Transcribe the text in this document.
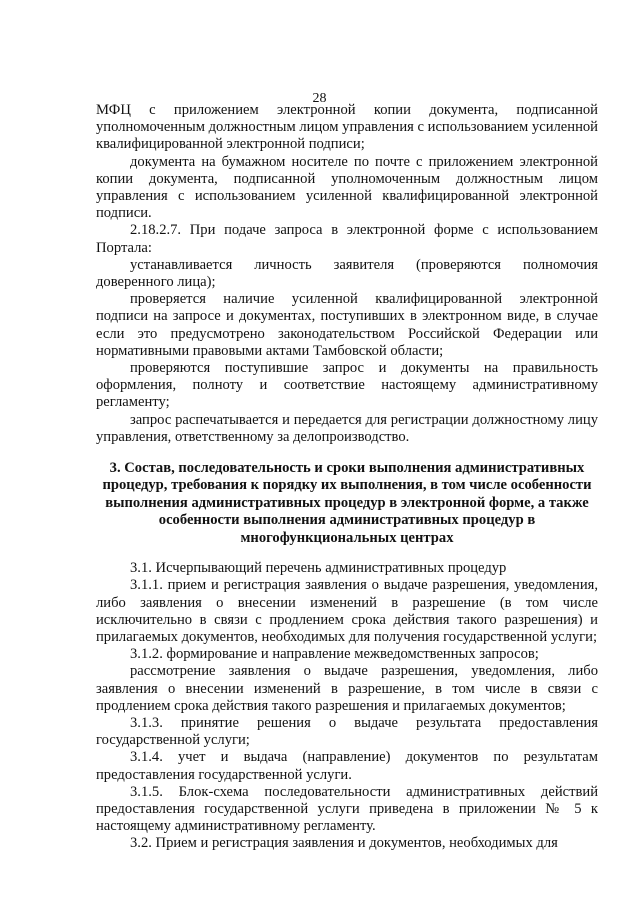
28

МФЦ с приложением электронной копии документа, подписанной уполномоченным должностным лицом управления с использованием усиленной квалифицированной электронной подписи;

документа на бумажном носителе по почте с приложением электронной копии документа, подписанной уполномоченным должностным лицом управления с использованием усиленной квалифицированной электронной подписи.

2.18.2.7. При подаче запроса в электронной форме с использованием Портала:

устанавливается личность заявителя (проверяются полномочия доверенного лица);

проверяется наличие усиленной квалифицированной электронной подписи на запросе и документах, поступивших в электронном виде, в случае если это предусмотрено законодательством Российской Федерации или нормативными правовыми актами Тамбовской области;

проверяются поступившие запрос и документы на правильность оформления, полноту и соответствие настоящему административному регламенту;

запрос распечатывается и передается для регистрации должностному лицу управления, ответственному за делопроизводство.

3. Состав, последовательность и сроки выполнения административных процедур, требования к порядку их выполнения, в том числе особенности выполнения административных процедур в электронной форме, а также особенности выполнения административных процедур в многофункциональных центрах

3.1. Исчерпывающий перечень административных процедур

3.1.1. прием и регистрация заявления о выдаче разрешения, уведомления, либо заявления о внесении изменений в разрешение (в том числе исключительно в связи с продлением срока действия такого разрешения) и прилагаемых документов, необходимых для получения государственной услуги;

3.1.2. формирование и направление межведомственных запросов;

рассмотрение заявления о выдаче разрешения, уведомления, либо заявления о внесении изменений в разрешение, в том числе в связи с продлением срока действия такого разрешения и прилагаемых документов;

3.1.3. принятие решения о выдаче результата предоставления государственной услуги;

3.1.4. учет и выдача (направление) документов по результатам предоставления государственной услуги.

3.1.5. Блок-схема последовательности административных действий предоставления государственной услуги приведена в приложении № 5 к настоящему административному регламенту.

3.2. Прием и регистрация заявления и документов, необходимых для
